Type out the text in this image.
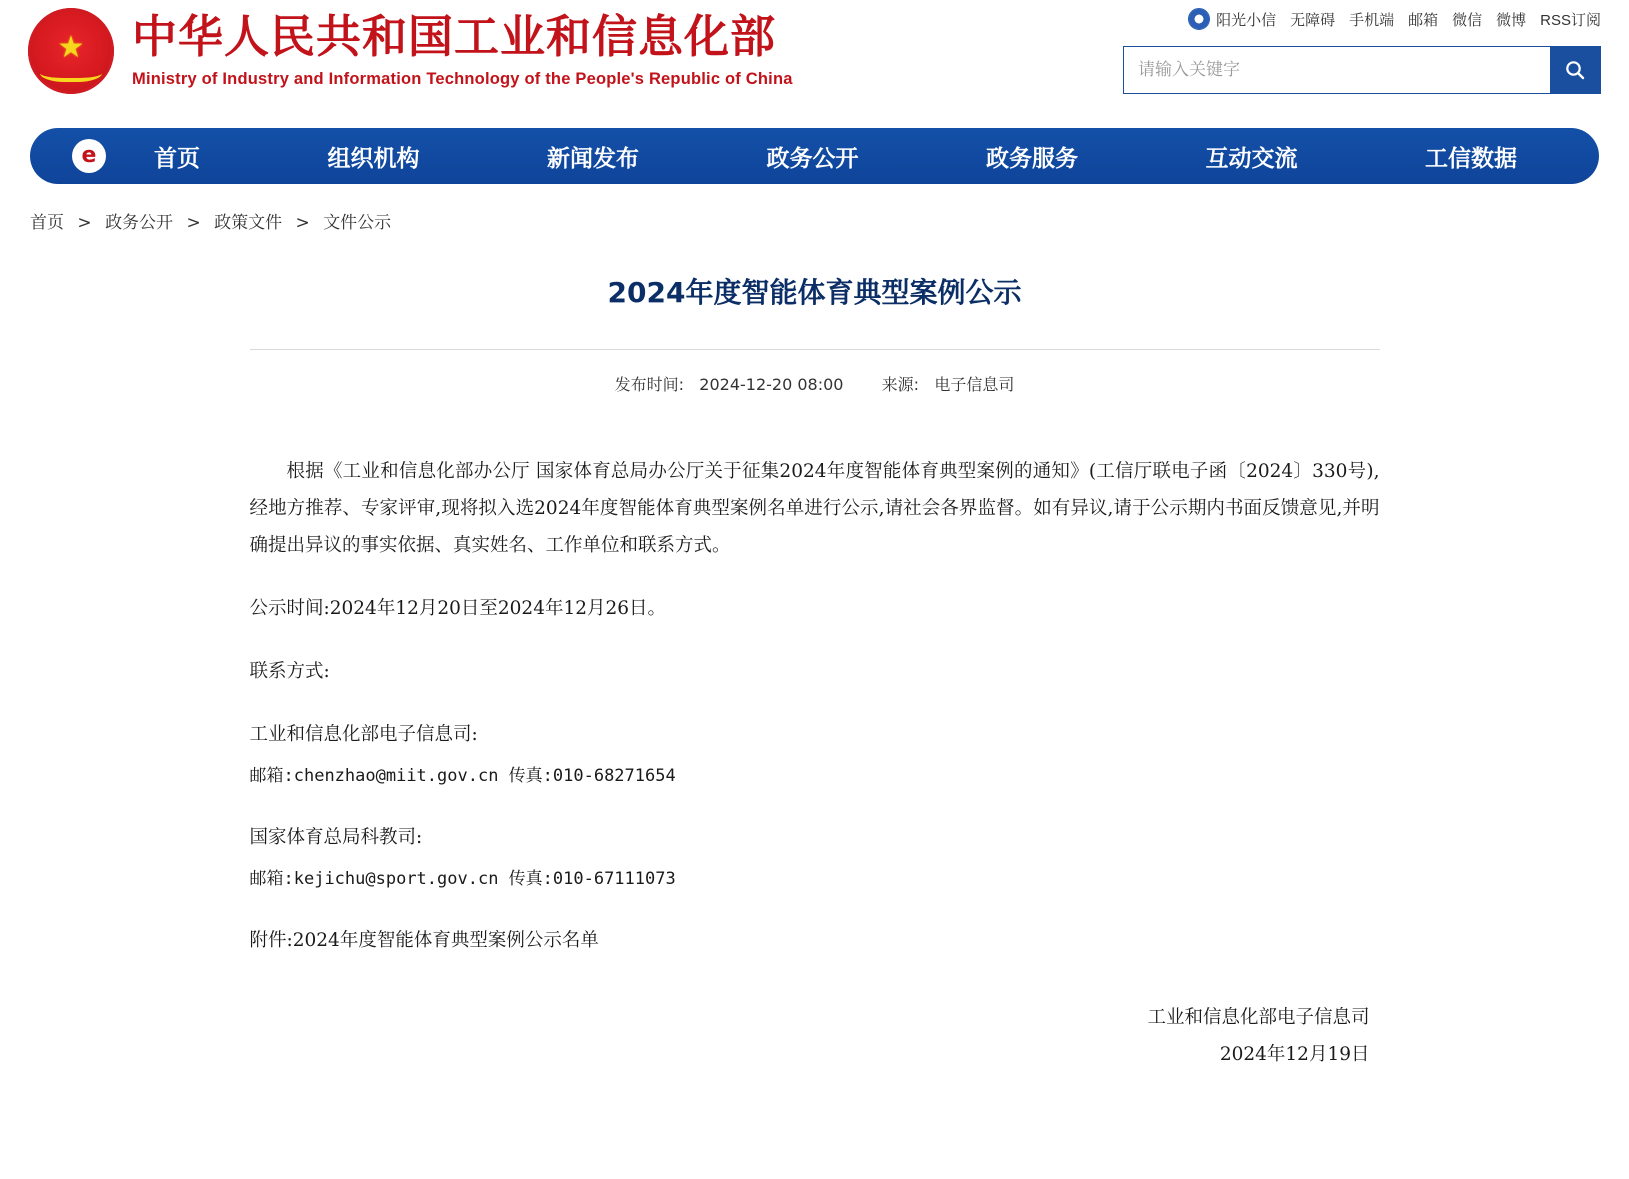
★
中华人民共和国工业和信息化部
Ministry of Industry and Information Technology of the People's Republic of China
阳光小信 无障碍 手机端 邮箱 微信 微博 RSS订阅
请输入关键字
e	首页	组织机构	新闻发布	政务公开	政务服务	互动交流	工信数据
首页 > 政务公开 > 政策文件 > 文件公示
2024年度智能体育典型案例公示
发布时间: 2024-12-20 08:00 来源: 电子信息司

根据《工业和信息化部办公厅 国家体育总局办公厅关于征集2024年度智能体育典型案例的通知》(工信厅联电子函〔2024〕330号),经地方推荐、专家评审,现将拟入选2024年度智能体育典型案例名单进行公示,请社会各界监督。如有异议,请于公示期内书面反馈意见,并明确提出异议的事实依据、真实姓名、工作单位和联系方式。

公示时间:2024年12月20日至2024年12月26日。

联系方式:

工业和信息化部电子信息司:

邮箱:chenzhao@miit.gov.cn 传真:010-68271654

国家体育总局科教司:

邮箱:kejichu@sport.gov.cn 传真:010-67111073

附件:2024年度智能体育典型案例公示名单

工业和信息化部电子信息司
2024年12月19日
